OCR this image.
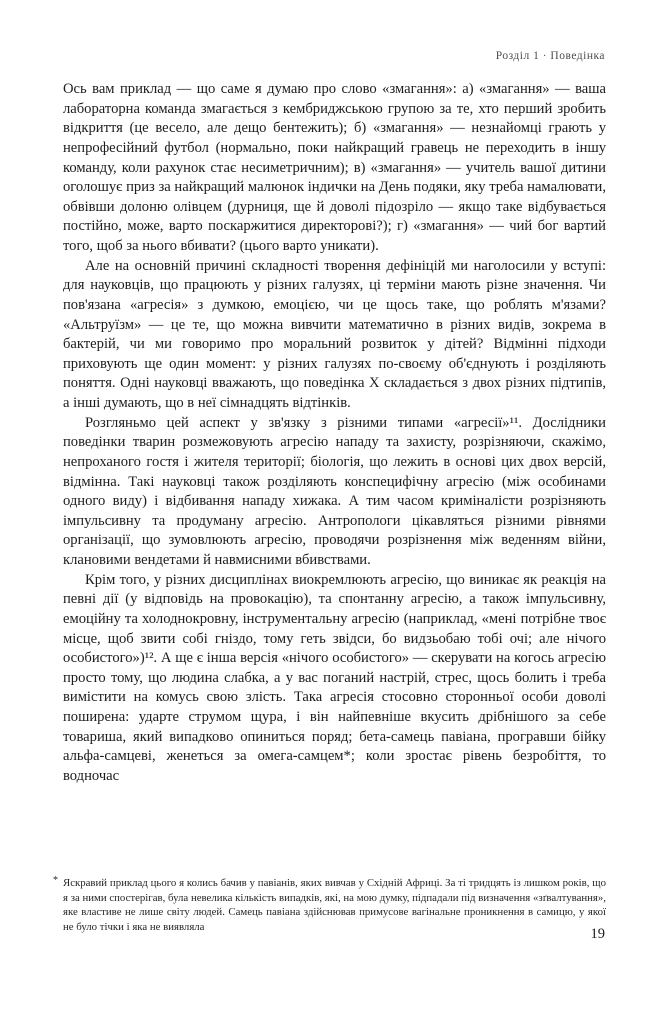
Розділ 1 · Поведінка

Ось вам приклад — що саме я думаю про слово «змагання»: а) «змагання» — ваша лабораторна команда змагається з кембриджською групою за те, хто перший зробить відкриття (це весело, але дещо бентежить); б) «змагання» — незнайомці грають у непрофесійний футбол (нормально, поки найкращий гравець не переходить в іншу команду, коли рахунок стає несиметричним); в) «змагання» — учитель вашої дитини оголошує приз за найкращий малюнок індички на День подяки, яку треба намалювати, обвівши долоню олівцем (дурниця, ще й доволі підозріло — якщо таке відбувається постійно, може, варто поскаржитися директорові?); г) «змагання» — чий бог вартий того, щоб за нього вбивати? (цього варто уникати).

Але на основній причині складності творення дефініцій ми наголосили у вступі: для науковців, що працюють у різних галузях, ці терміни мають різне значення. Чи пов'язана «агресія» з думкою, емоцією, чи це щось таке, що роблять м'язами? «Альтруїзм» — це те, що можна вивчити математично в різних видів, зокрема в бактерій, чи ми говоримо про моральний розвиток у дітей? Відмінні підходи приховують ще один момент: у різних галузях по-своєму об'єднують і розділяють поняття. Одні науковці вважають, що поведінка X складається з двох різних підтипів, а інші думають, що в неї сімнадцять відтінків.

Розгляньмо цей аспект у зв'язку з різними типами «агресії»¹¹. Дослідники поведінки тварин розмежовують агресію нападу та захисту, розрізняючи, скажімо, непроханого гостя і жителя території; біологія, що лежить в основі цих двох версій, відмінна. Такі науковці також розділяють конспецифічну агресію (між особинами одного виду) і відбивання нападу хижака. А тим часом криміналісти розрізняють імпульсивну та продуману агресію. Антропологи цікавляться різними рівнями організації, що зумовлюють агресію, проводячи розрізнення між веденням війни, клановими вендетами й навмисними вбивствами.

Крім того, у різних дисциплінах виокремлюють агресію, що виникає як реакція на певні дії (у відповідь на провокацію), та спонтанну агресію, а також імпульсивну, емоційну та холоднокровну, інструментальну агресію (наприклад, «мені потрібне твоє місце, щоб звити собі гніздо, тому геть звідси, бо видзьобаю тобі очі; але нічого особистого»)¹². А ще є інша версія «нічого особистого» — скерувати на когось агресію просто тому, що людина слабка, а у вас поганий настрій, стрес, щось болить і треба вимістити на комусь свою злість. Така агресія стосовно сторонньої особи доволі поширена: ударте струмом щура, і він найпевніше вкусить дрібнішого за себе товариша, який випадково опиниться поряд; бета-самець павіана, програвши бійку альфа-самцеві, женеться за омега-самцем*; коли зростає рівень безробіття, то водночас

* Яскравий приклад цього я колись бачив у павіанів, яких вивчав у Східній Африці. За ті тридцять із лишком років, що я за ними спостерігав, була невелика кількість випадків, які, на мою думку, підпадали під визначення «зґвалтування», яке властиве не лише світу людей. Самець павіана здійснював примусове вагінальне проникнення в самицю, у якої не було тічки і яка не виявляла	19
